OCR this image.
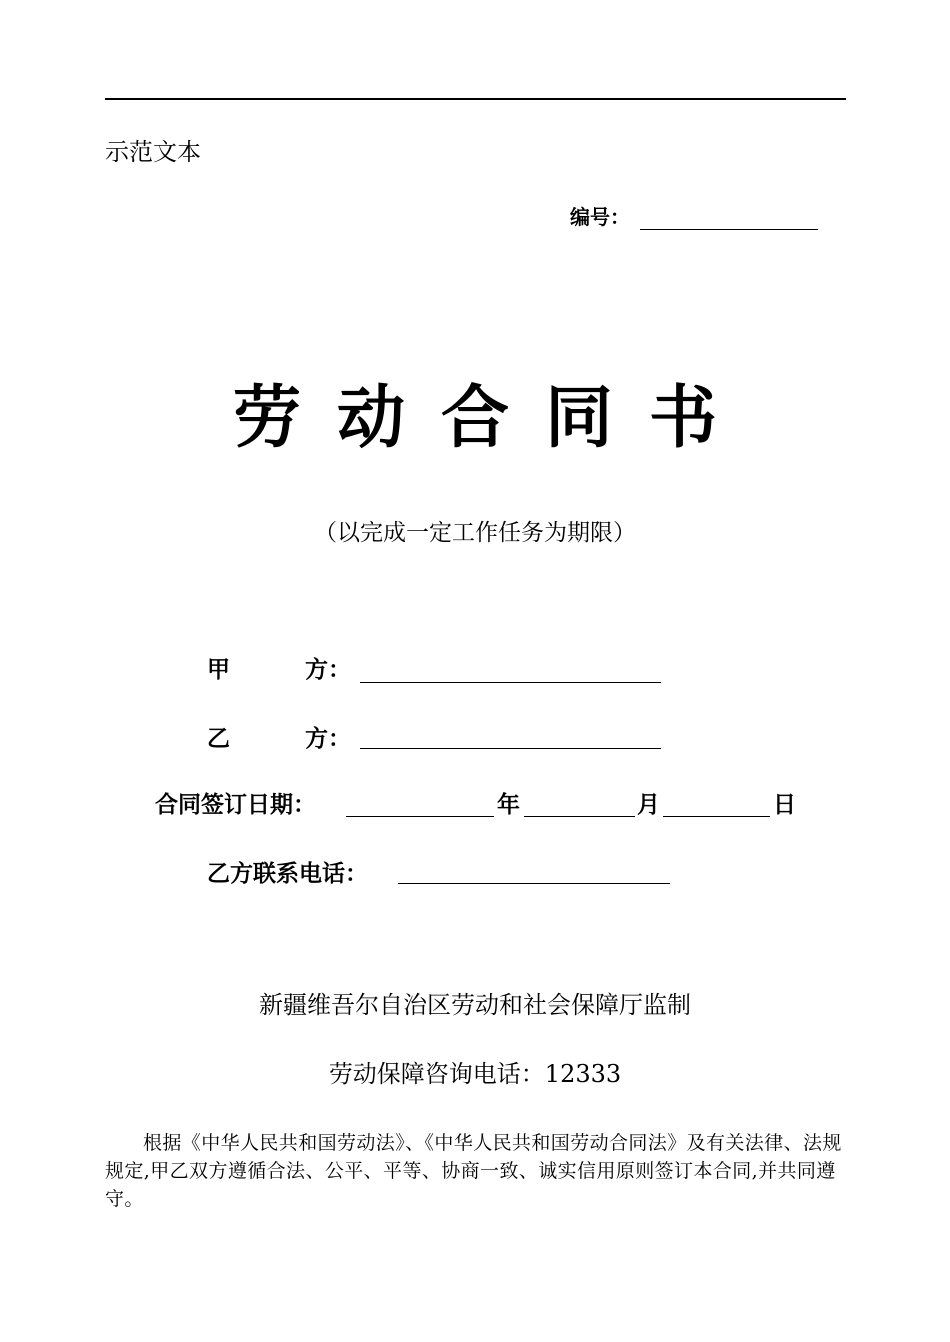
示范文本
编号：
劳动合同书
（以完成一定工作任务为期限）
甲	方：
乙	方：
合同签订日期：	年	月	日
乙方联系电话：
新疆维吾尔自治区劳动和社会保障厅监制
劳动保障咨询电话：12333
根据《中华人民共和国劳动法》、《中华人民共和国劳动合同法》及有关法律、法规规定,甲乙双方遵循合法、公平、平等、协商一致、诚实信用原则签订本合同,并共同遵守。
